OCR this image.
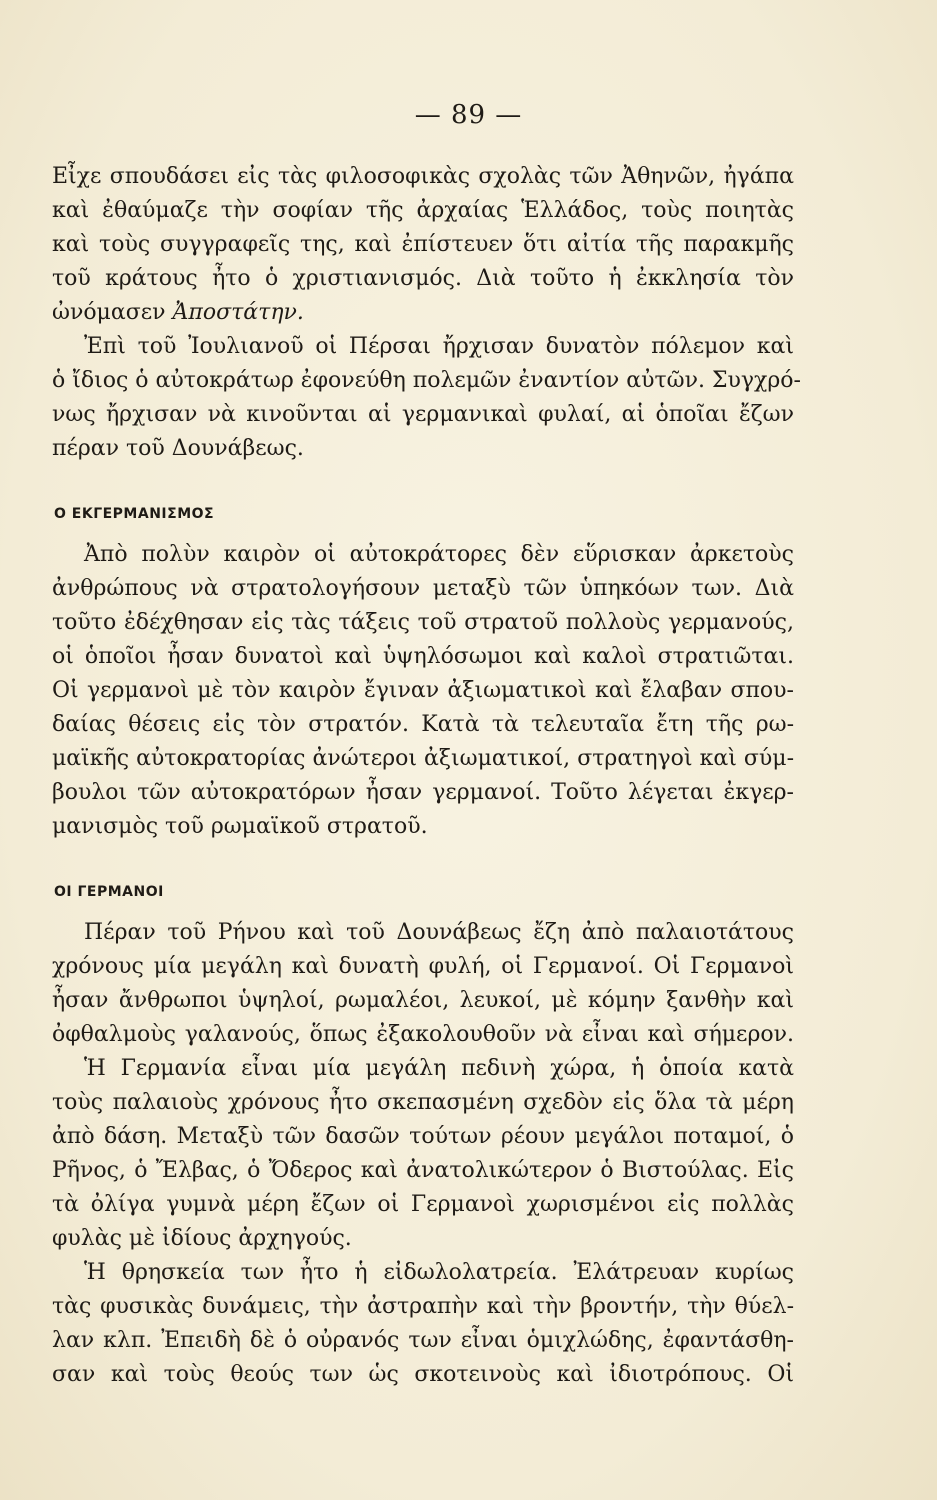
— 89 —
Εἶχε σπουδάσει εἰς τὰς φιλοσοφικὰς σχολὰς τῶν Ἀθηνῶν, ἠγάπα
καὶ ἐθαύμαζε τὴν σοφίαν τῆς ἀρχαίας Ἑλλάδος, τοὺς ποιητὰς
καὶ τοὺς συγγραφεῖς της, καὶ ἐπίστευεν ὅτι αἰτία τῆς παρακμῆς
τοῦ κράτους ἦτο ὁ χριστιανισμός. Διὰ τοῦτο ἡ ἐκκλησία τὸν
ὠνόμασεν Ἀποστάτην.
Ἐπὶ τοῦ Ἰουλιανοῦ οἱ Πέρσαι ἤρχισαν δυνατὸν πόλεμον καὶ
ὁ ἴδιος ὁ αὐτοκράτωρ ἐφονεύθη πολεμῶν ἐναντίον αὐτῶν. Συγχρό-
νως ἤρχισαν νὰ κινοῦνται αἱ γερμανικαὶ φυλαί, αἱ ὁποῖαι ἔζων
πέραν τοῦ Δουνάβεως.
Ο ΕΚΓΕΡΜΑΝΙΣΜΟΣ
Ἀπὸ πολὺν καιρὸν οἱ αὐτοκράτορες δὲν εὕρισκαν ἀρκετοὺς
ἀνθρώπους νὰ στρατολογήσουν μεταξὺ τῶν ὑπηκόων των. Διὰ
τοῦτο ἐδέχθησαν εἰς τὰς τάξεις τοῦ στρατοῦ πολλοὺς γερμανούς,
οἱ ὁποῖοι ἦσαν δυνατοὶ καὶ ὑψηλόσωμοι καὶ καλοὶ στρατιῶται.
Οἱ γερμανοὶ μὲ τὸν καιρὸν ἔγιναν ἀξιωματικοὶ καὶ ἔλαβαν σπου-
δαίας θέσεις εἰς τὸν στρατόν. Κατὰ τὰ τελευταῖα ἔτη τῆς ρω-
μαϊκῆς αὐτοκρατορίας ἀνώτεροι ἀξιωματικοί, στρατηγοὶ καὶ σύμ-
βουλοι τῶν αὐτοκρατόρων ἦσαν γερμανοί. Τοῦτο λέγεται ἐκγερ-
μανισμὸς τοῦ ρωμαϊκοῦ στρατοῦ.
ΟΙ ΓΕΡΜΑΝΟΙ
Πέραν τοῦ Ρήνου καὶ τοῦ Δουνάβεως ἔζη ἀπὸ παλαιοτάτους
χρόνους μία μεγάλη καὶ δυνατὴ φυλή, οἱ Γερμανοί. Οἱ Γερμανοὶ
ἦσαν ἄνθρωποι ὑψηλοί, ρωμαλέοι, λευκοί, μὲ κόμην ξανθὴν καὶ
ὀφθαλμοὺς γαλανούς, ὅπως ἐξακολουθοῦν νὰ εἶναι καὶ σήμερον.
Ἡ Γερμανία εἶναι μία μεγάλη πεδινὴ χώρα, ἡ ὁποία κατὰ
τοὺς παλαιοὺς χρόνους ἦτο σκεπασμένη σχεδὸν εἰς ὅλα τὰ μέρη
ἀπὸ δάση. Μεταξὺ τῶν δασῶν τούτων ρέουν μεγάλοι ποταμοί, ὁ
Ρῆνος, ὁ Ἔλβας, ὁ Ὄδερος καὶ ἀνατολικώτερον ὁ Βιστούλας. Εἰς
τὰ ὀλίγα γυμνὰ μέρη ἔζων οἱ Γερμανοὶ χωρισμένοι εἰς πολλὰς
φυλὰς μὲ ἰδίους ἀρχηγούς.
Ἡ θρησκεία των ἦτο ἡ εἰδωλολατρεία. Ἐλάτρευαν κυρίως
τὰς φυσικὰς δυνάμεις, τὴν ἀστραπὴν καὶ τὴν βροντήν, τὴν θύελ-
λαν κλπ. Ἐπειδὴ δὲ ὁ οὐρανός των εἶναι ὁμιχλώδης, ἐφαντάσθη-
σαν καὶ τοὺς θεούς των ὡς σκοτεινοὺς καὶ ἰδιοτρόπους. Οἱ
